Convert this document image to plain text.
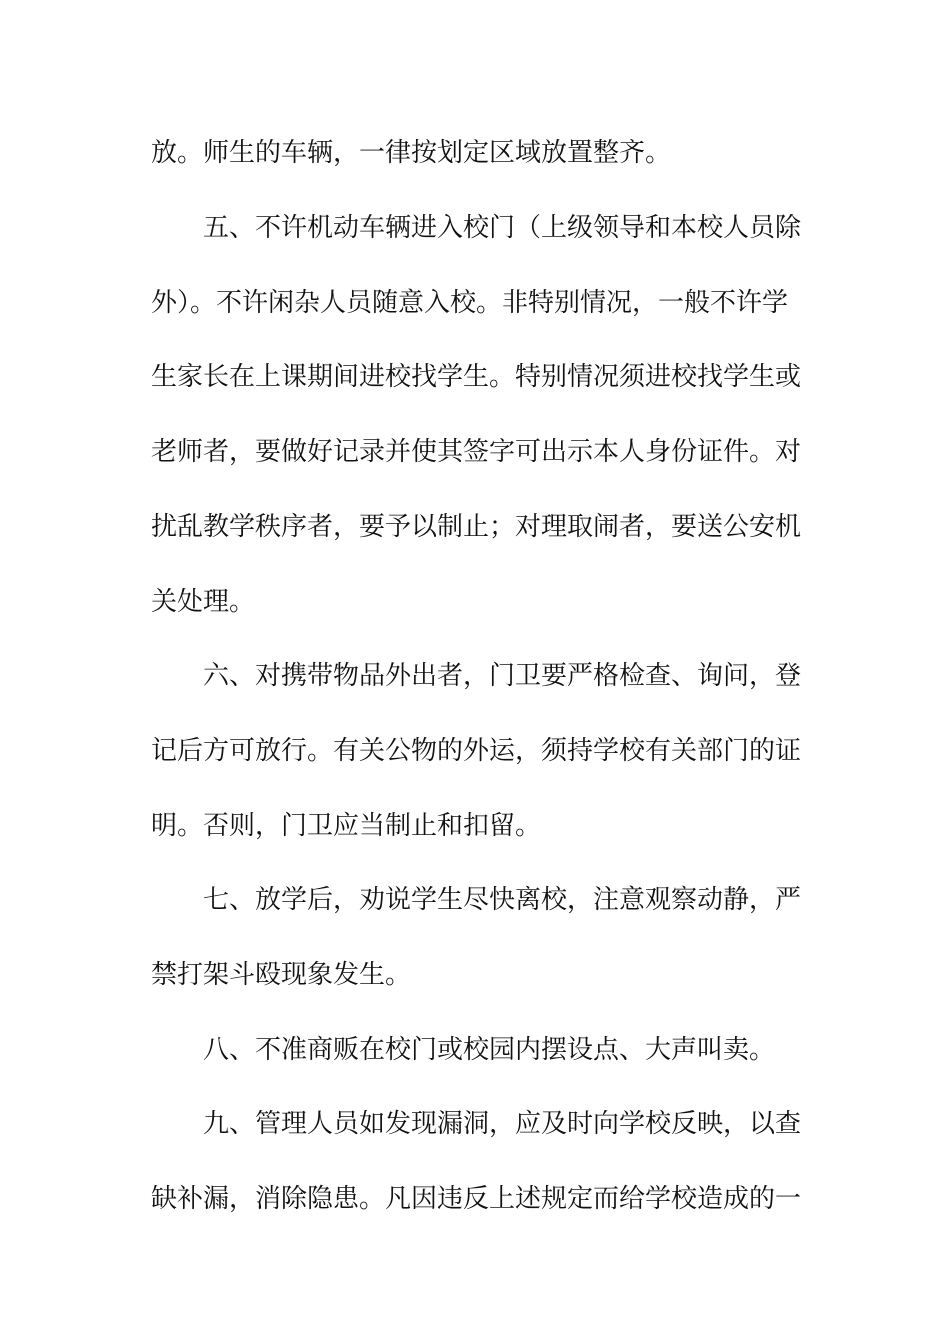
放。师生的车辆，一律按划定区域放置整齐。
五、不许机动车辆进入校门（上级领导和本校人员除
外）。不许闲杂人员随意入校。非特别情况，一般不许学
生家长在上课期间进校找学生。特别情况须进校找学生或
老师者，要做好记录并使其签字可出示本人身份证件。对
扰乱教学秩序者，要予以制止；对理取闹者，要送公安机
关处理。
六、对携带物品外出者，门卫要严格检查、询问，登
记后方可放行。有关公物的外运，须持学校有关部门的证
明。否则，门卫应当制止和扣留。
七、放学后，劝说学生尽快离校，注意观察动静，严
禁打架斗殴现象发生。
八、不准商贩在校门或校园内摆设点、大声叫卖。
九、管理人员如发现漏洞，应及时向学校反映，以查
缺补漏，消除隐患。凡因违反上述规定而给学校造成的一
